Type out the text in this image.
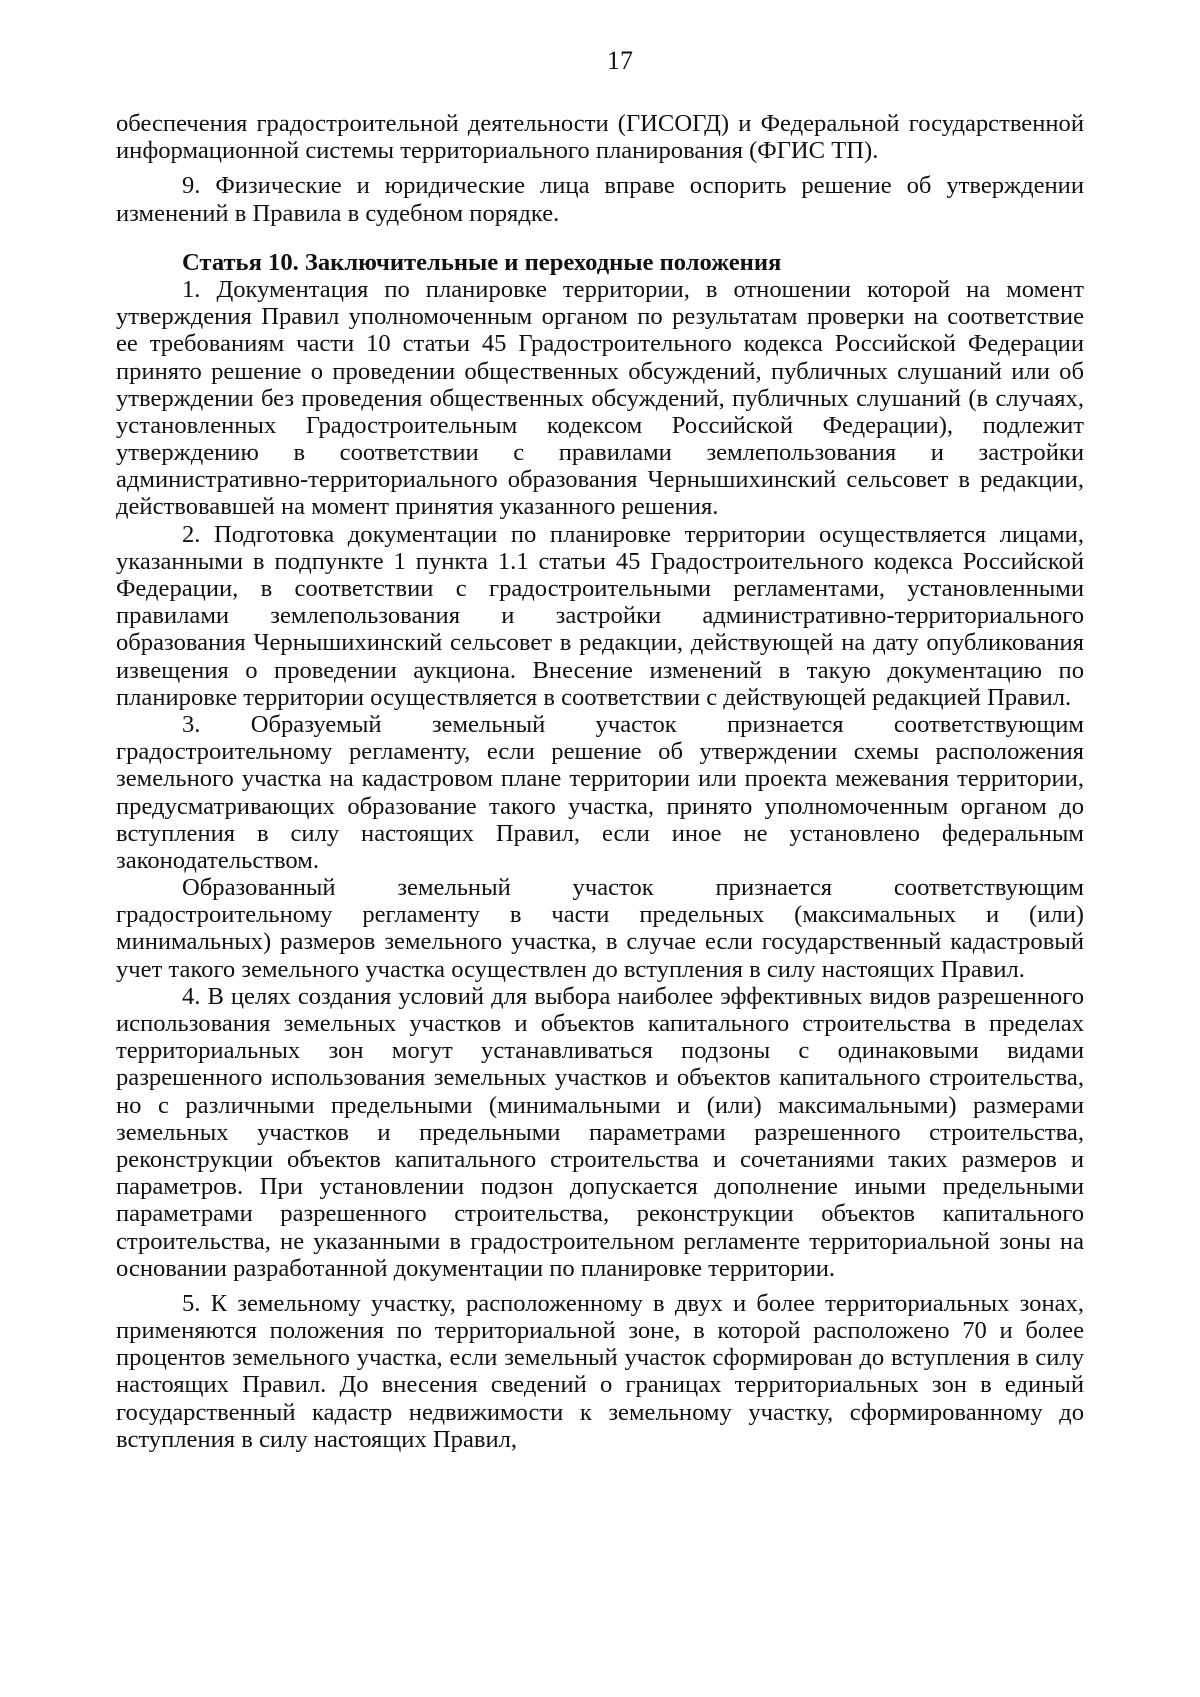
17
обеспечения градостроительной деятельности (ГИСОГД) и Федеральной государственной
информационной системы территориального планирования (ФГИС ТП).
9. Физические и юридические лица вправе оспорить решение об утверждении
изменений в Правила в судебном порядке.
Статья 10. Заключительные и переходные положения
1. Документация по планировке территории, в отношении которой на момент
утверждения Правил уполномоченным органом по результатам проверки на соответствие
ее требованиям части 10 статьи 45 Градостроительного кодекса Российской Федерации
принято решение о проведении общественных обсуждений, публичных слушаний или об
утверждении без проведения общественных обсуждений, публичных слушаний (в случаях,
установленных Градостроительным кодексом Российской Федерации), подлежит
утверждению в соответствии с правилами землепользования и застройки
административно-территориального образования Чернышихинский сельсовет в редакции,
действовавшей на момент принятия указанного решения.
2. Подготовка документации по планировке территории осуществляется лицами,
указанными в подпункте 1 пункта 1.1 статьи 45 Градостроительного кодекса Российской
Федерации, в соответствии с градостроительными регламентами, установленными
правилами землепользования и застройки административно-территориального
образования Чернышихинский сельсовет в редакции, действующей на дату опубликования
извещения о проведении аукциона. Внесение изменений в такую документацию по
планировке территории осуществляется в соответствии с действующей редакцией Правил.
3. Образуемый земельный участок признается соответствующим
градостроительному регламенту, если решение об утверждении схемы расположения
земельного участка на кадастровом плане территории или проекта межевания территории,
предусматривающих образование такого участка, принято уполномоченным органом до
вступления в силу настоящих Правил, если иное не установлено федеральным
законодательством.
Образованный земельный участок признается соответствующим
градостроительному регламенту в части предельных (максимальных и (или)
минимальных) размеров земельного участка, в случае если государственный кадастровый
учет такого земельного участка осуществлен до вступления в силу настоящих Правил.
4. В целях создания условий для выбора наиболее эффективных видов разрешенного
использования земельных участков и объектов капитального строительства в пределах
территориальных зон могут устанавливаться подзоны с одинаковыми видами
разрешенного использования земельных участков и объектов капитального строительства,
но с различными предельными (минимальными и (или) максимальными) размерами
земельных участков и предельными параметрами разрешенного строительства,
реконструкции объектов капитального строительства и сочетаниями таких размеров и
параметров. При установлении подзон допускается дополнение иными предельными
параметрами разрешенного строительства, реконструкции объектов капитального
строительства, не указанными в градостроительном регламенте территориальной зоны на
основании разработанной документации по планировке территории.
5. К земельному участку, расположенному в двух и более территориальных зонах,
применяются положения по территориальной зоне, в которой расположено 70 и более
процентов земельного участка, если земельный участок сформирован до вступления в силу
настоящих Правил. До внесения сведений о границах территориальных зон в единый
государственный кадастр недвижимости к земельному участку, сформированному до
вступления в силу настоящих Правил,
